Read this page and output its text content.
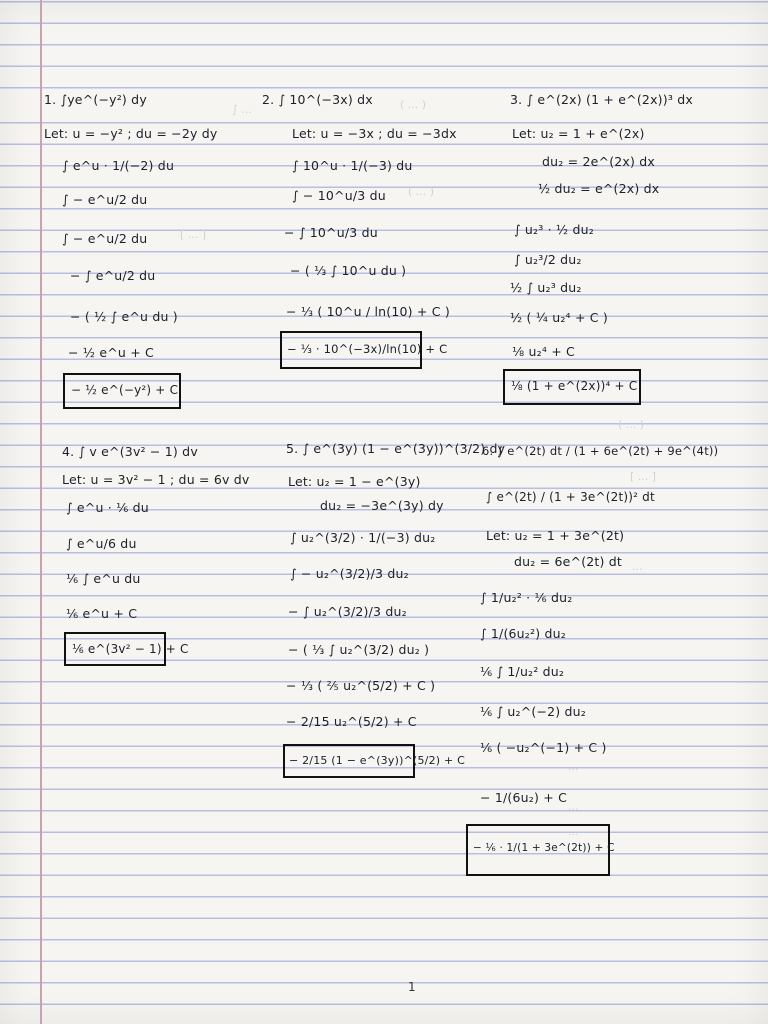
∫ ...	( ... )
[ ... ]
( ... )
( ... )
[ ... ]
...
...
...
...
1. ∫ye^(−y²) dy
Let: u = −y² ; du = −2y dy
∫ e^u · 1/(−2) du
∫ − e^u/2 du
∫ − e^u/2 du
− ∫ e^u/2 du
− ( ½ ∫ e^u du )
− ½ e^u + C
− ½ e^(−y²) + C
2. ∫ 10^(−3x) dx
Let: u = −3x ; du = −3dx
∫ 10^u · 1/(−3) du
∫ − 10^u/3 du
− ∫ 10^u/3 du
− ( ⅓ ∫ 10^u du )
− ⅓ ( 10^u / ln(10) + C )
− ⅓ · 10^(−3x)/ln(10) + C
3. ∫ e^(2x) (1 + e^(2x))³ dx
Let: u₂ = 1 + e^(2x)
du₂ = 2e^(2x) dx
½ du₂ = e^(2x) dx
∫ u₂³ · ½ du₂
∫ u₂³/2 du₂
½ ∫ u₂³ du₂
½ ( ¼ u₂⁴ + C )
⅛ u₂⁴ + C
⅛ (1 + e^(2x))⁴ + C
4. ∫ v e^(3v² − 1) dv
Let: u = 3v² − 1 ; du = 6v dv
∫ e^u · ⅙ du
∫ e^u/6 du
⅙ ∫ e^u du
⅙ e^u + C
⅙ e^(3v² − 1) + C
5. ∫ e^(3y) (1 − e^(3y))^(3/2) dy
Let: u₂ = 1 − e^(3y)
du₂ = −3e^(3y) dy
∫ u₂^(3/2) · 1/(−3) du₂
∫ − u₂^(3/2)/3 du₂
− ∫ u₂^(3/2)/3 du₂
− ( ⅓ ∫ u₂^(3/2) du₂ )
− ⅓ ( ⅖ u₂^(5/2) + C )
− 2/15 u₂^(5/2) + C
− 2/15 (1 − e^(3y))^(5/2) + C
6. ∫ e^(2t) dt / (1 + 6e^(2t) + 9e^(4t))
∫ e^(2t) / (1 + 3e^(2t))² dt
Let: u₂ = 1 + 3e^(2t)
du₂ = 6e^(2t) dt
∫ 1/u₂² · ⅙ du₂
∫ 1/(6u₂²) du₂
⅙ ∫ 1/u₂² du₂
⅙ ∫ u₂^(−2) du₂
⅙ ( −u₂^(−1) + C )
− 1/(6u₂) + C
− ⅙ · 1/(1 + 3e^(2t)) + C
1
